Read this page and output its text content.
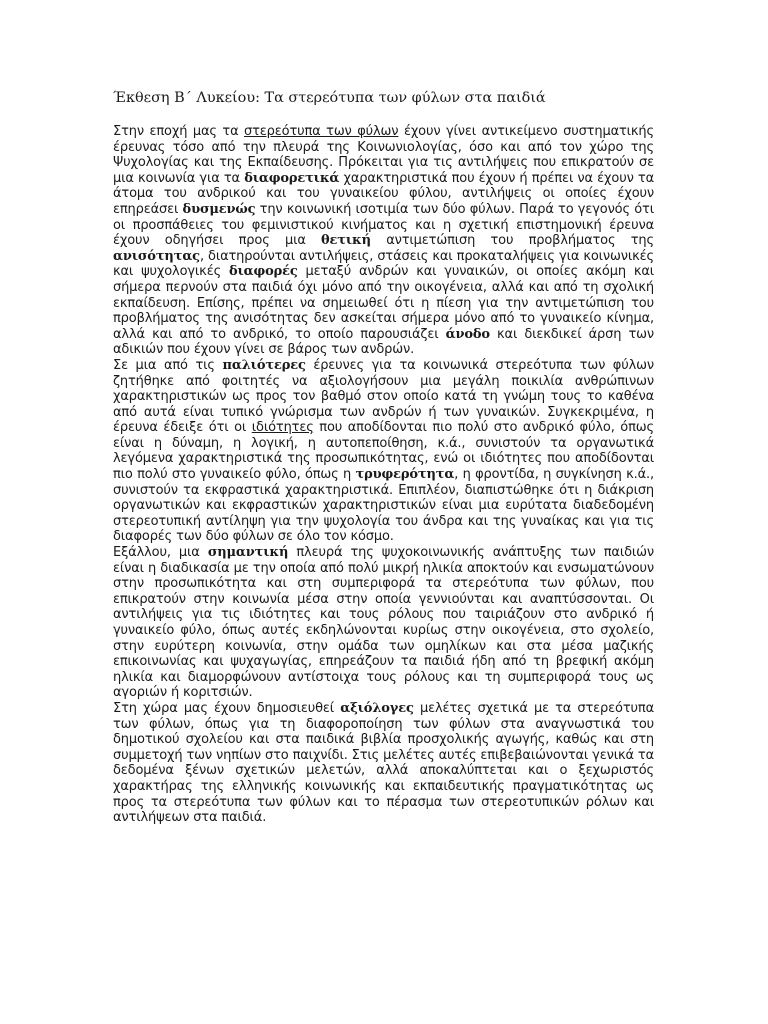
Έκθεση Β΄ Λυκείου: Τα στερεότυπα των φύλων στα παιδιά

Στην εποχή μας τα στερεότυπα των φύλων έχουν γίνει αντικείμενο συστηματικής έρευνας τόσο από την πλευρά της Κοινωνιολογίας, όσο και από τον χώρο της Ψυχολογίας και της Εκπαίδευσης. Πρόκειται για τις αντιλήψεις που επικρατούν σε μια κοινωνία για τα διαφορετικά χαρακτηριστικά που έχουν ή πρέπει να έχουν τα άτομα του ανδρικού και του γυναικείου φύλου, αντιλήψεις οι οποίες έχουν επηρεάσει δυσμενώς την κοινωνική ισοτιμία των δύο φύλων. Παρά το γεγονός ότι οι προσπάθειες του φεμινιστικού κινήματος και η σχετική επιστημονική έρευνα έχουν οδηγήσει προς μια θετική αντιμετώπιση του προβλήματος της ανισότητας, διατηρούνται αντιλήψεις, στάσεις και προκαταλήψεις για κοινωνικές και ψυχολογικές διαφορές μεταξύ ανδρών και γυναικών, οι οποίες ακόμη και σήμερα περνούν στα παιδιά όχι μόνο από την οικογένεια, αλλά και από τη σχολική εκπαίδευση. Επίσης, πρέπει να σημειωθεί ότι η πίεση για την αντιμετώπιση του προβλήματος της ανισότητας δεν ασκείται σήμερα μόνο από το γυναικείο κίνημα, αλλά και από το ανδρικό, το οποίο παρουσιάζει άνοδο και διεκδικεί άρση των αδικιών που έχουν γίνει σε βάρος των ανδρών.

Σε μια από τις παλιότερες έρευνες για τα κοινωνικά στερεότυπα των φύλων ζητήθηκε από φοιτητές να αξιολογήσουν μια μεγάλη ποικιλία ανθρώπινων χαρακτηριστικών ως προς τον βαθμό στον οποίο κατά τη γνώμη τους το καθένα από αυτά είναι τυπικό γνώρισμα των ανδρών ή των γυναικών. Συγκεκριμένα, η έρευνα έδειξε ότι οι ιδιότητες που αποδίδονται πιο πολύ στο ανδρικό φύλο, όπως είναι η δύναμη, η λογική, η αυτοπεποίθηση, κ.ά., συνιστούν τα οργανωτικά λεγόμενα χαρακτηριστικά της προσωπικότητας, ενώ οι ιδιότητες που αποδίδονται πιο πολύ στο γυναικείο φύλο, όπως η τρυφερότητα, η φροντίδα, η συγκίνηση κ.ά., συνιστούν τα εκφραστικά χαρακτηριστικά. Επιπλέον, διαπιστώθηκε ότι η διάκριση οργανωτικών και εκφραστικών χαρακτηριστικών είναι μια ευρύτατα διαδεδομένη στερεοτυπική αντίληψη για την ψυχολογία του άνδρα και της γυναίκας και για τις διαφορές των δύο φύλων σε όλο τον κόσμο.

Εξάλλου, μια σημαντική πλευρά της ψυχοκοινωνικής ανάπτυξης των παιδιών είναι η διαδικασία με την οποία από πολύ μικρή ηλικία αποκτούν και ενσωματώνουν στην προσωπικότητα και στη συμπεριφορά τα στερεότυπα των φύλων, που επικρατούν στην κοινωνία μέσα στην οποία γεννιούνται και αναπτύσσονται. Οι αντιλήψεις για τις ιδιότητες και τους ρόλους που ταιριάζουν στο ανδρικό ή γυναικείο φύλο, όπως αυτές εκδηλώνονται κυρίως στην οικογένεια, στο σχολείο, στην ευρύτερη κοινωνία, στην ομάδα των ομηλίκων και στα μέσα μαζικής επικοινωνίας και ψυχαγωγίας, επηρεάζουν τα παιδιά ήδη από τη βρεφική ακόμη ηλικία και διαμορφώνουν αντίστοιχα τους ρόλους και τη συμπεριφορά τους ως αγοριών ή κοριτσιών.

Στη χώρα μας έχουν δημοσιευθεί αξιόλογες μελέτες σχετικά με τα στερεότυπα των φύλων, όπως για τη διαφοροποίηση των φύλων στα αναγνωστικά του δημοτικού σχολείου και στα παιδικά βιβλία προσχολικής αγωγής, καθώς και στη συμμετοχή των νηπίων στο παιχνίδι. Στις μελέτες αυτές επιβεβαιώνονται γενικά τα δεδομένα ξένων σχετικών μελετών, αλλά αποκαλύπτεται και ο ξεχωριστός χαρακτήρας της ελληνικής κοινωνικής και εκπαιδευτικής πραγματικότητας ως προς τα στερεότυπα των φύλων και το πέρασμα των στερεοτυπικών ρόλων και αντιλήψεων στα παιδιά.
